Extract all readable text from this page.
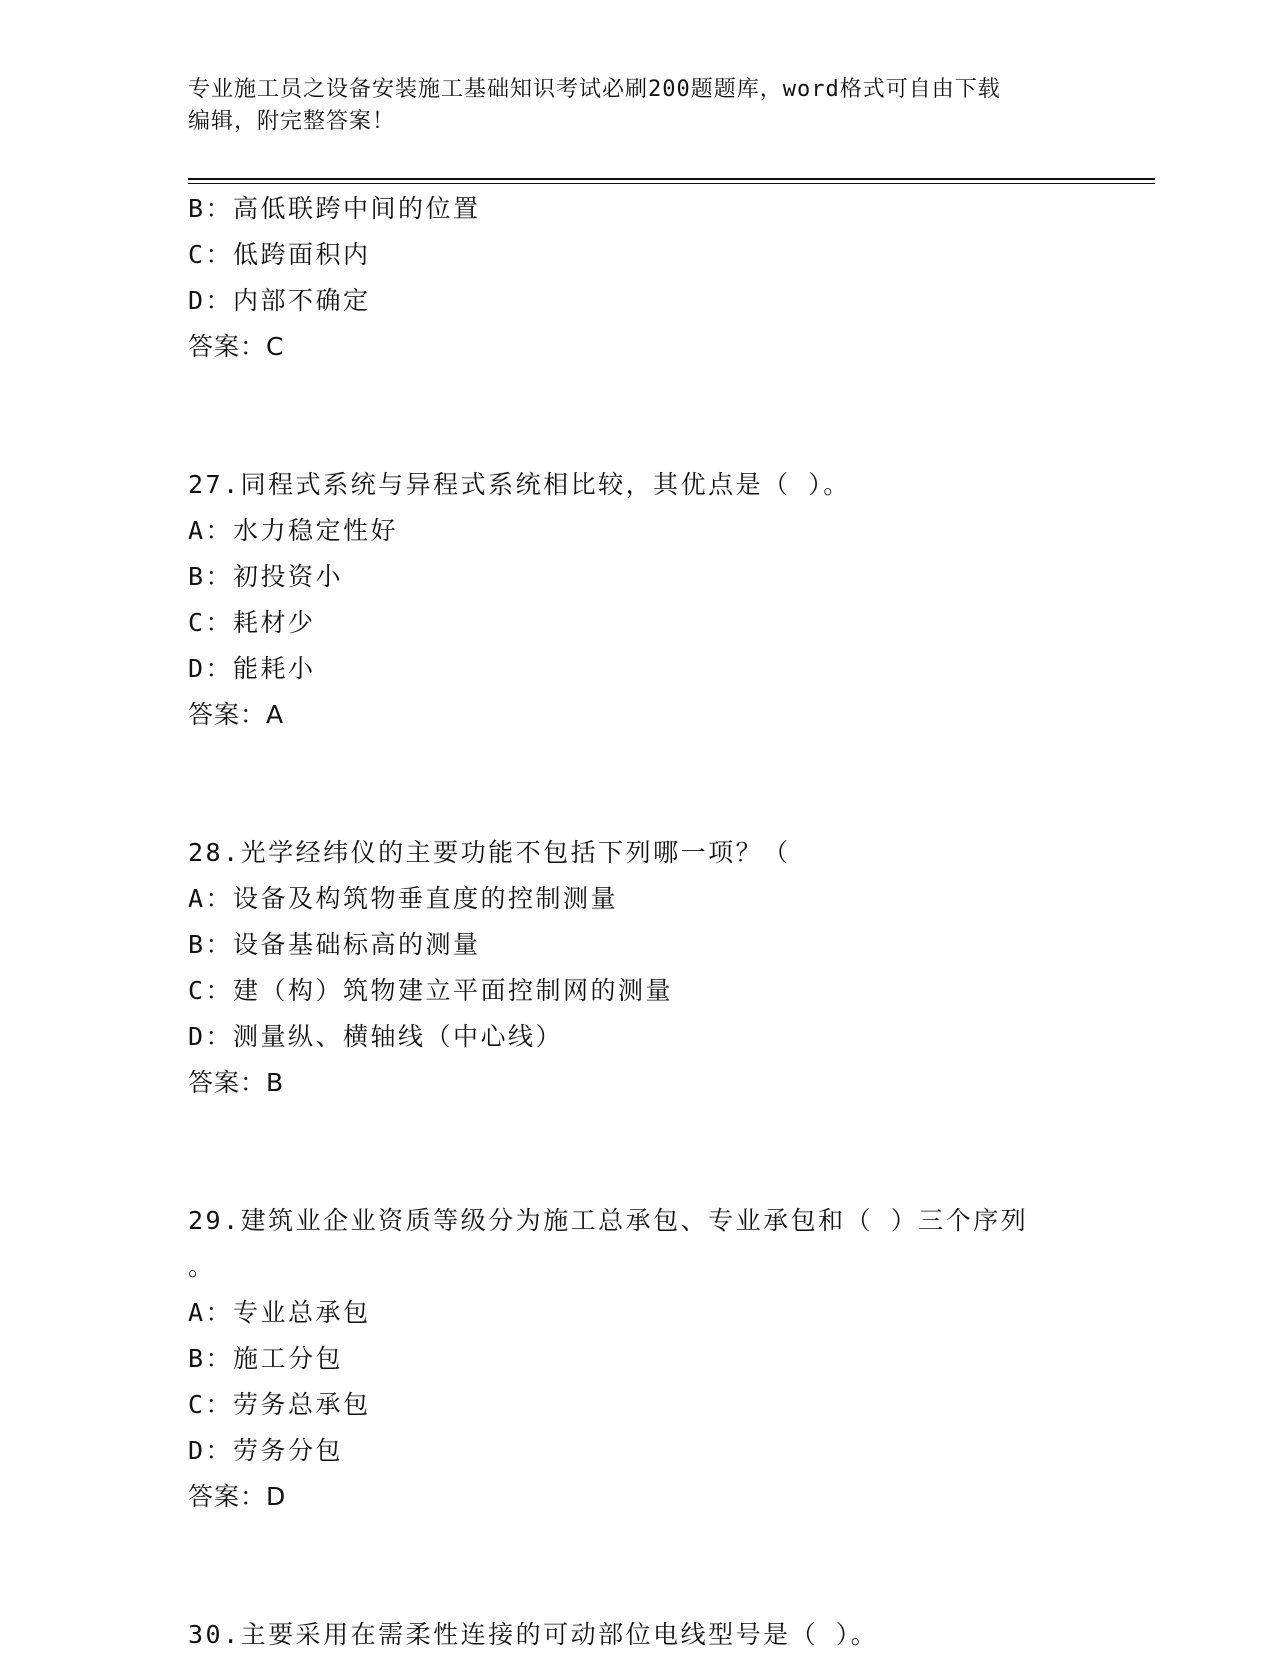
专业施工员之设备安装施工基础知识考试必刷200题题库，word格式可自由下载
编辑，附完整答案！
B：高低联跨中间的位置
C：低跨面积内
D：内部不确定
答案：C
27.同程式系统与异程式系统相比较，其优点是（ ）。
A：水力稳定性好
B：初投资小
C：耗材少
D：能耗小
答案：A
28.光学经纬仪的主要功能不包括下列哪一项？（
A：设备及构筑物垂直度的控制测量
B：设备基础标高的测量
C：建（构）筑物建立平面控制网的测量
D：测量纵、横轴线（中心线）
答案：B
29.建筑业企业资质等级分为施工总承包、专业承包和（ ）三个序列
。
A：专业总承包
B：施工分包
C：劳务总承包
D：劳务分包
答案：D
30.主要采用在需柔性连接的可动部位电线型号是（ ）。
